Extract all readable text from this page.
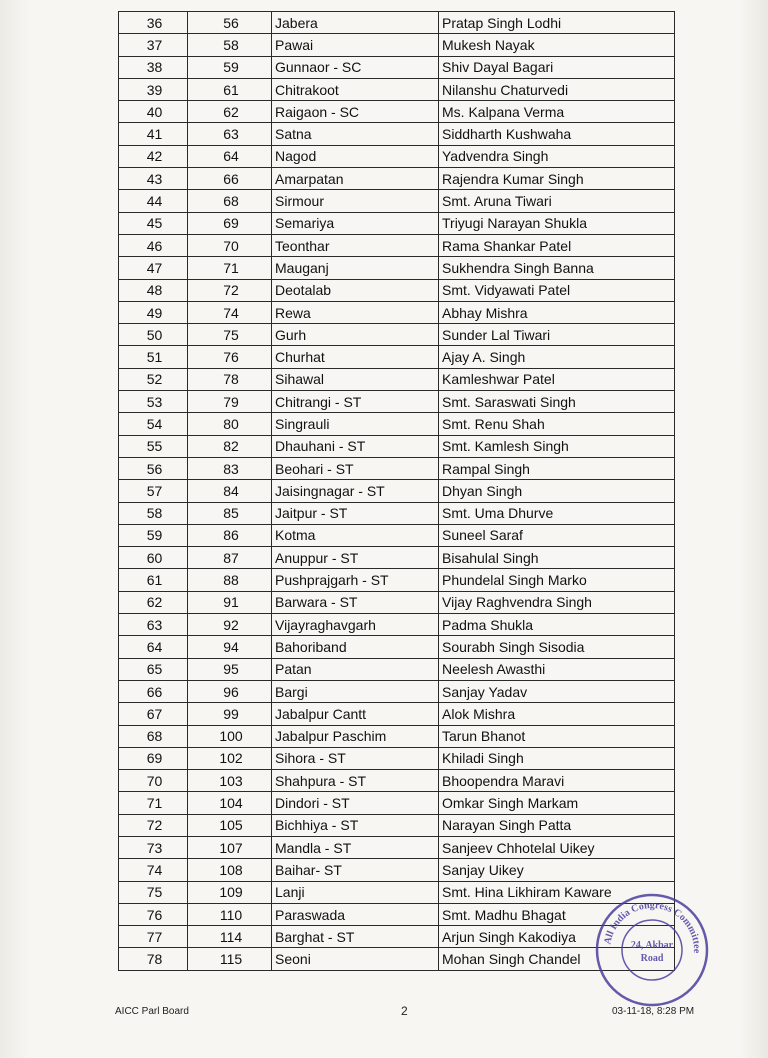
36	56	Jabera	Pratap Singh Lodhi
37	58	Pawai	Mukesh Nayak
38	59	Gunnaor - SC	Shiv Dayal Bagari
39	61	Chitrakoot	Nilanshu Chaturvedi
40	62	Raigaon - SC	Ms. Kalpana Verma
41	63	Satna	Siddharth Kushwaha
42	64	Nagod	Yadvendra Singh
43	66	Amarpatan	Rajendra Kumar Singh
44	68	Sirmour	Smt. Aruna Tiwari
45	69	Semariya	Triyugi Narayan Shukla
46	70	Teonthar	Rama Shankar Patel
47	71	Mauganj	Sukhendra Singh Banna
48	72	Deotalab	Smt. Vidyawati Patel
49	74	Rewa	Abhay Mishra
50	75	Gurh	Sunder Lal Tiwari
51	76	Churhat	Ajay A. Singh
52	78	Sihawal	Kamleshwar Patel
53	79	Chitrangi - ST	Smt. Saraswati Singh
54	80	Singrauli	Smt. Renu Shah
55	82	Dhauhani - ST	Smt. Kamlesh Singh
56	83	Beohari - ST	Rampal Singh
57	84	Jaisingnagar - ST	Dhyan Singh
58	85	Jaitpur - ST	Smt. Uma Dhurve
59	86	Kotma	Suneel Saraf
60	87	Anuppur - ST	Bisahulal Singh
61	88	Pushprajgarh - ST	Phundelal Singh Marko
62	91	Barwara - ST	Vijay Raghvendra Singh
63	92	Vijayraghavgarh	Padma Shukla
64	94	Bahoriband	Sourabh Singh Sisodia
65	95	Patan	Neelesh Awasthi
66	96	Bargi	Sanjay Yadav
67	99	Jabalpur Cantt	Alok Mishra
68	100	Jabalpur Paschim	Tarun Bhanot
69	102	Sihora - ST	Khiladi Singh
70	103	Shahpura - ST	Bhoopendra Maravi
71	104	Dindori - ST	Omkar Singh Markam
72	105	Bichhiya - ST	Narayan Singh Patta
73	107	Mandla - ST	Sanjeev Chhotelal Uikey
74	108	Baihar- ST	Sanjay Uikey
75	109	Lanji	Smt. Hina Likhiram Kaware
76	110	Paraswada	Smt. Madhu Bhagat
77	114	Barghat - ST	Arjun Singh Kakodiya
78	115	Seoni	Mohan Singh Chandel
AICC Parl Board	2	03-11-18, 8:28 PM
All India Congress Committee
24, Akbar
Road
